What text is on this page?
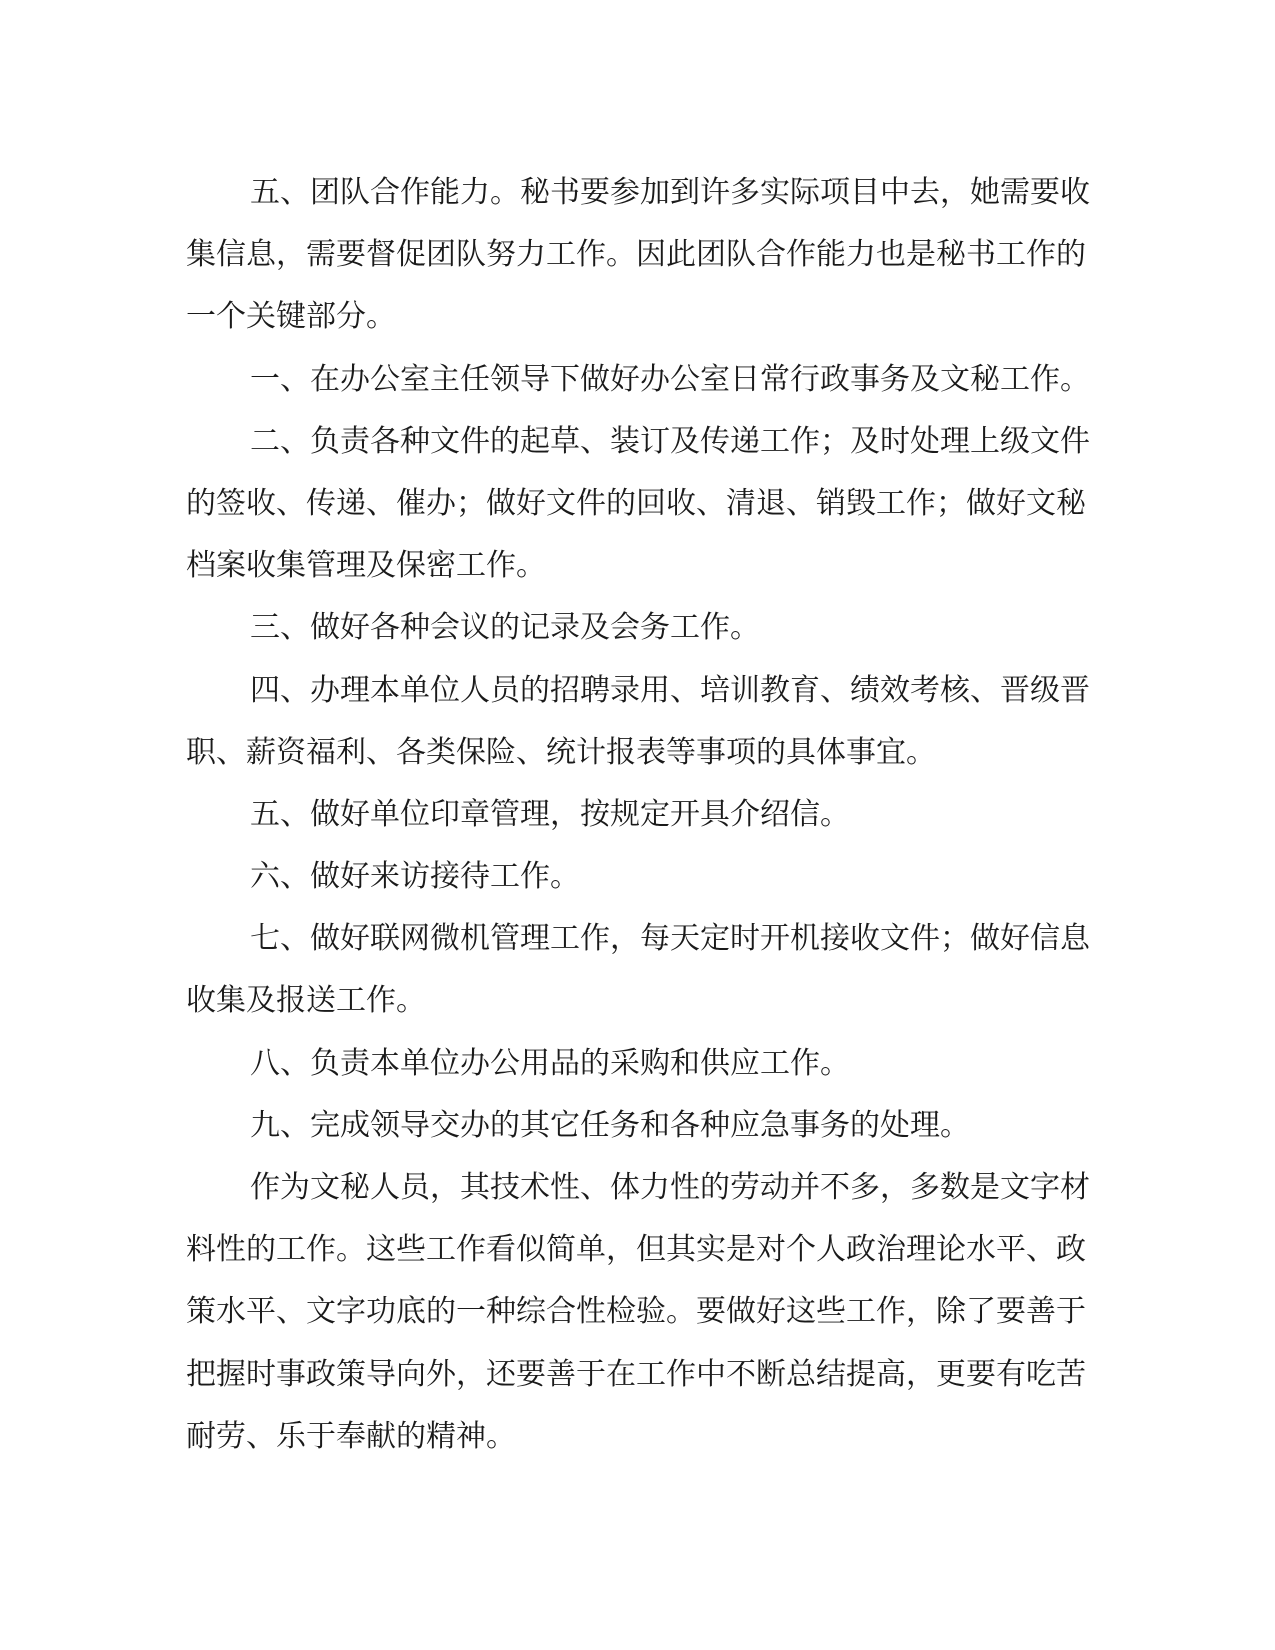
五、团队合作能力。秘书要参加到许多实际项目中去，她需要收
集信息，需要督促团队努力工作。因此团队合作能力也是秘书工作的
一个关键部分。
一、在办公室主任领导下做好办公室日常行政事务及文秘工作。
二、负责各种文件的起草、装订及传递工作；及时处理上级文件
的签收、传递、催办；做好文件的回收、清退、销毁工作；做好文秘
档案收集管理及保密工作。
三、做好各种会议的记录及会务工作。
四、办理本单位人员的招聘录用、培训教育、绩效考核、晋级晋
职、薪资福利、各类保险、统计报表等事项的具体事宜。
五、做好单位印章管理，按规定开具介绍信。
六、做好来访接待工作。
七、做好联网微机管理工作，每天定时开机接收文件；做好信息
收集及报送工作。
八、负责本单位办公用品的采购和供应工作。
九、完成领导交办的其它任务和各种应急事务的处理。
作为文秘人员，其技术性、体力性的劳动并不多，多数是文字材
料性的工作。这些工作看似简单，但其实是对个人政治理论水平、政
策水平、文字功底的一种综合性检验。要做好这些工作，除了要善于
把握时事政策导向外，还要善于在工作中不断总结提高，更要有吃苦
耐劳、乐于奉献的精神。
